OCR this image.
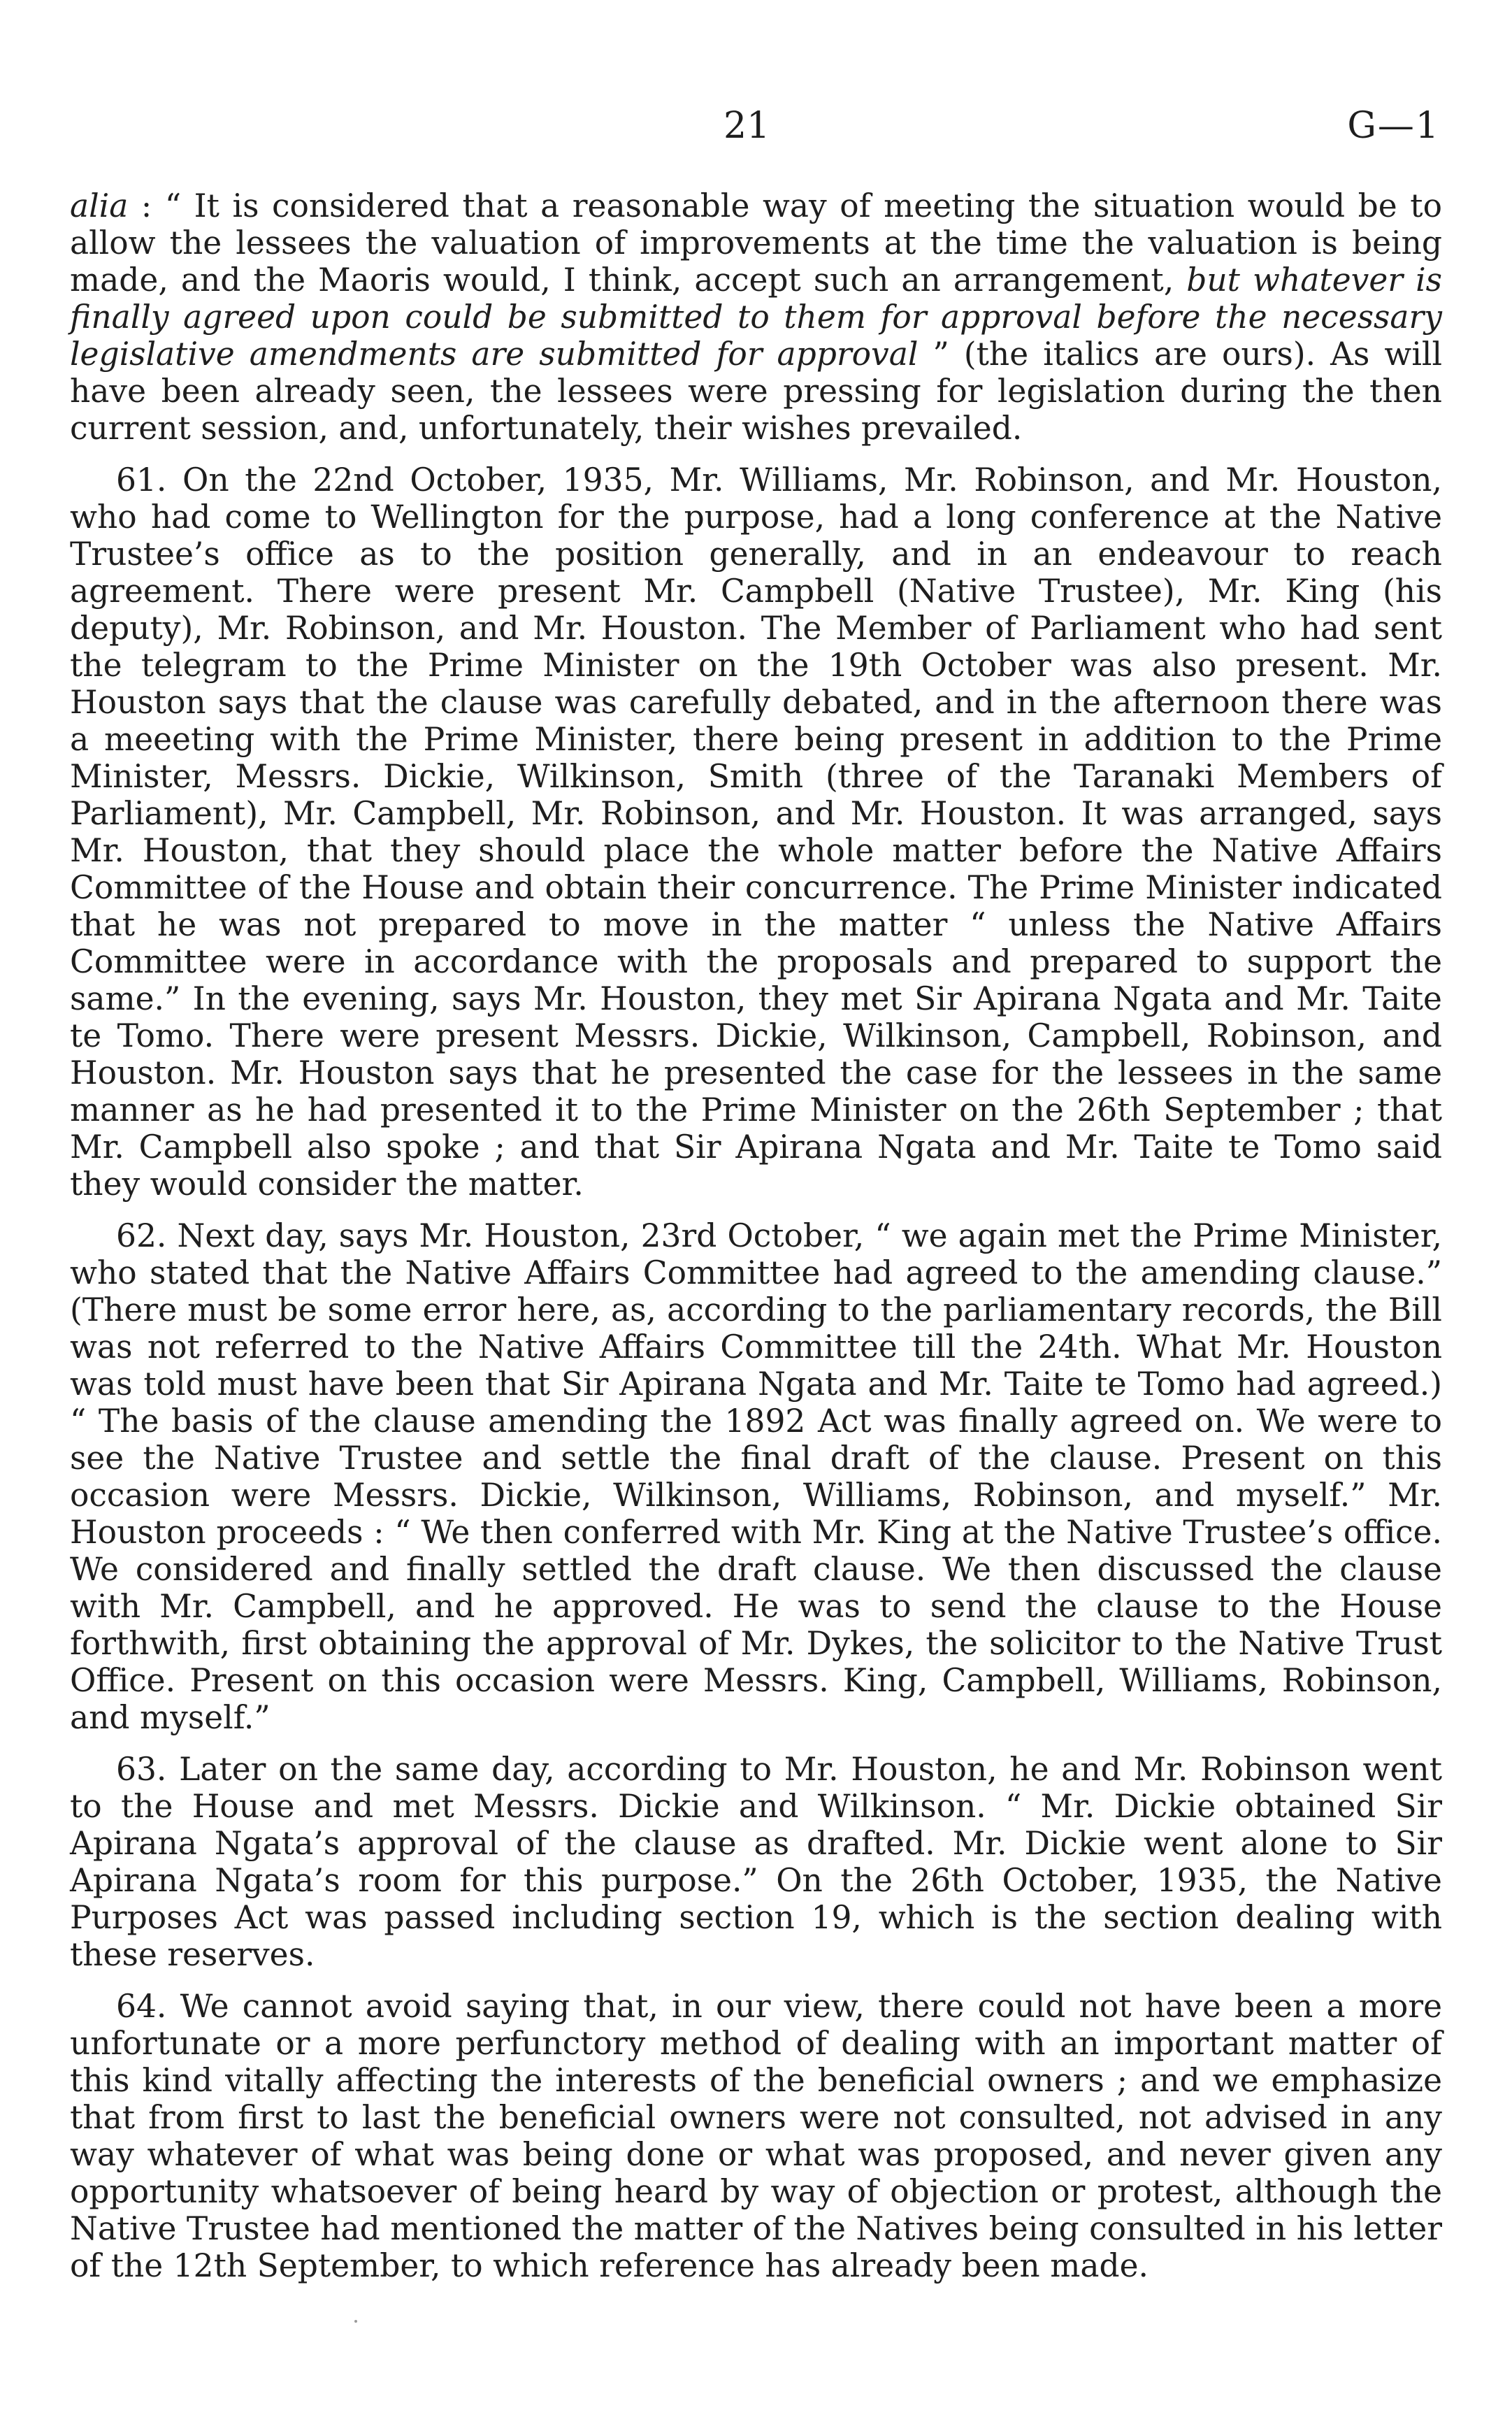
21	G—1

alia : “ It is considered that a reasonable way of meeting the situation would be to allow the lessees the valuation of improvements at the time the valuation is being made, and the Maoris would, I think, accept such an arrangement, but whatever is finally agreed upon could be submitted to them for approval before the necessary legislative amendments are submitted for approval ” (the italics are ours). As will have been already seen, the lessees were pressing for legislation during the then current session, and, unfortunately, their wishes prevailed.

61. On the 22nd October, 1935, Mr. Williams, Mr. Robinson, and Mr. Houston, who had come to Wellington for the purpose, had a long conference at the Native Trustee’s office as to the position generally, and in an endeavour to reach agreement. There were present Mr. Campbell (Native Trustee), Mr. King (his deputy), Mr. Robinson, and Mr. Houston. The Member of Parliament who had sent the telegram to the Prime Minister on the 19th October was also present. Mr. Houston says that the clause was carefully debated, and in the afternoon there was a meeeting with the Prime Minister, there being present in addition to the Prime Minister, Messrs. Dickie, Wilkinson, Smith (three of the Taranaki Members of Parliament), Mr. Campbell, Mr. Robinson, and Mr. Houston. It was arranged, says Mr. Houston, that they should place the whole matter before the Native Affairs Committee of the House and obtain their concurrence. The Prime Minister indicated that he was not prepared to move in the matter “ unless the Native Affairs Committee were in accordance with the proposals and prepared to support the same.” In the evening, says Mr. Houston, they met Sir Apirana Ngata and Mr. Taite te Tomo. There were present Messrs. Dickie, Wilkinson, Campbell, Robinson, and Houston. Mr. Houston says that he presented the case for the lessees in the same manner as he had presented it to the Prime Minister on the 26th September ; that Mr. Campbell also spoke ; and that Sir Apirana Ngata and Mr. Taite te Tomo said they would consider the matter.

62. Next day, says Mr. Houston, 23rd October, “ we again met the Prime Minister, who stated that the Native Affairs Committee had agreed to the amending clause.” (There must be some error here, as, according to the parliamentary records, the Bill was not referred to the Native Affairs Committee till the 24th. What Mr. Houston was told must have been that Sir Apirana Ngata and Mr. Taite te Tomo had agreed.) “ The basis of the clause amending the 1892 Act was finally agreed on. We were to see the Native Trustee and settle the final draft of the clause. Present on this occasion were Messrs. Dickie, Wilkinson, Williams, Robinson, and myself.” Mr. Houston proceeds : “ We then conferred with Mr. King at the Native Trustee’s office. We considered and finally settled the draft clause. We then discussed the clause with Mr. Campbell, and he approved. He was to send the clause to the House forthwith, first obtaining the approval of Mr. Dykes, the solicitor to the Native Trust Office. Present on this occasion were Messrs. King, Campbell, Williams, Robinson, and myself.”

63. Later on the same day, according to Mr. Houston, he and Mr. Robinson went to the House and met Messrs. Dickie and Wilkinson. “ Mr. Dickie obtained Sir Apirana Ngata’s approval of the clause as drafted. Mr. Dickie went alone to Sir Apirana Ngata’s room for this purpose.” On the 26th October, 1935, the Native Purposes Act was passed including section 19, which is the section dealing with these reserves.

64. We cannot avoid saying that, in our view, there could not have been a more unfortunate or a more perfunctory method of dealing with an important matter of this kind vitally affecting the interests of the beneficial owners ; and we emphasize that from first to last the beneficial owners were not consulted, not advised in any way whatever of what was being done or what was proposed, and never given any opportunity whatsoever of being heard by way of objection or protest, although the Native Trustee had mentioned the matter of the Natives being consulted in his letter of the 12th September, to which reference has already been made.
